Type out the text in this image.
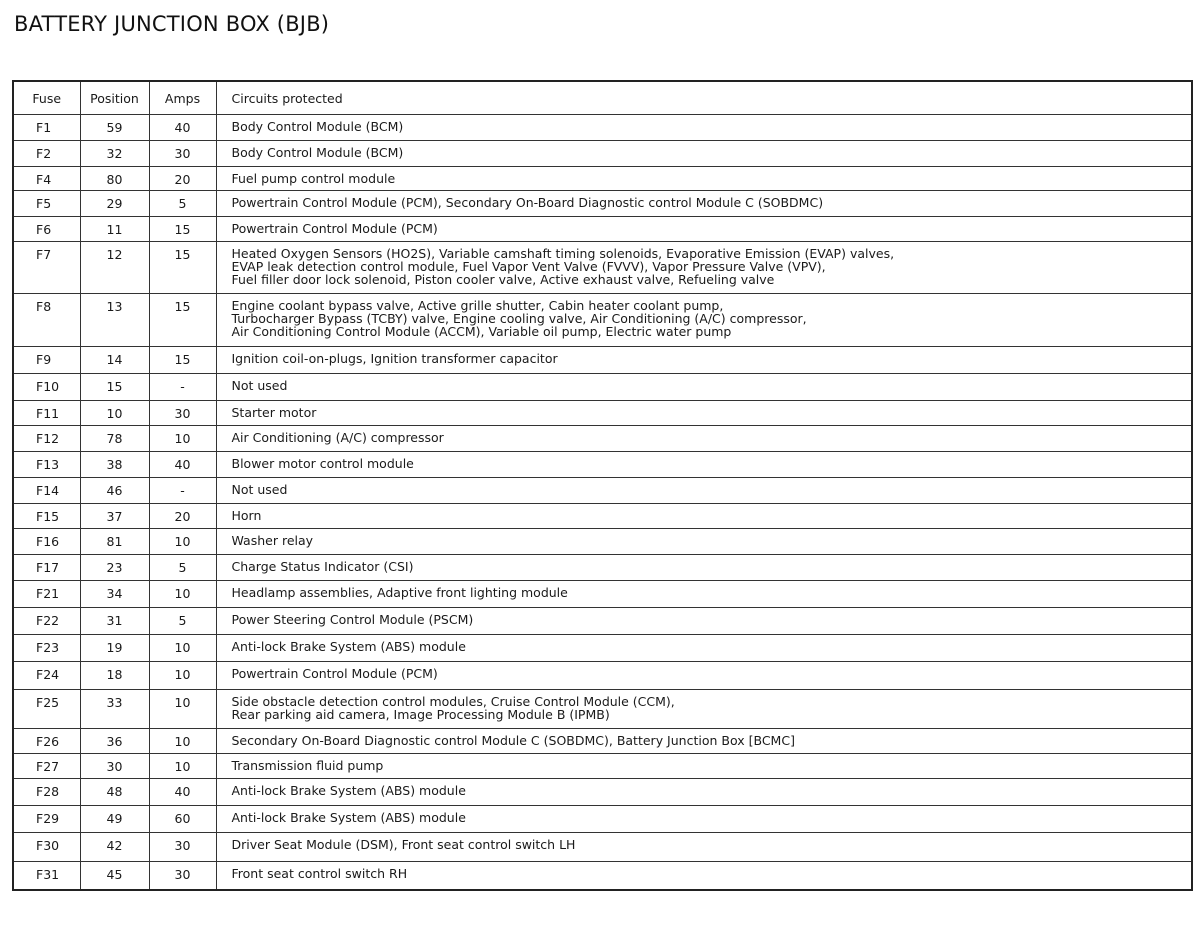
BATTERY JUNCTION BOX (BJB)
Fuse	Position	Amps	Circuits protected
F1	59	40	Body Control Module (BCM)

F2	32	30	Body Control Module (BCM)

F4	80	20	Fuel pump control module

F5	29	5	Powertrain Control Module (PCM), Secondary On-Board Diagnostic control Module C (SOBDMC)

F6	11	15	Powertrain Control Module (PCM)

F7	12	15	Heated Oxygen Sensors (HO2S), Variable camshaft timing solenoids, Evaporative Emission (EVAP) valves,
EVAP leak detection control module, Fuel Vapor Vent Valve (FVVV), Vapor Pressure Valve (VPV),
Fuel filler door lock solenoid, Piston cooler valve, Active exhaust valve, Refueling valve

F8	13	15	Engine coolant bypass valve, Active grille shutter, Cabin heater coolant pump,
Turbocharger Bypass (TCBY) valve, Engine cooling valve, Air Conditioning (A/C) compressor,
Air Conditioning Control Module (ACCM), Variable oil pump, Electric water pump

F9	14	15	Ignition coil-on-plugs, Ignition transformer capacitor

F10	15	-	Not used

F11	10	30	Starter motor

F12	78	10	Air Conditioning (A/C) compressor

F13	38	40	Blower motor control module

F14	46	-	Not used

F15	37	20	Horn

F16	81	10	Washer relay

F17	23	5	Charge Status Indicator (CSI)

F21	34	10	Headlamp assemblies, Adaptive front lighting module

F22	31	5	Power Steering Control Module (PSCM)

F23	19	10	Anti-lock Brake System (ABS) module

F24	18	10	Powertrain Control Module (PCM)

F25	33	10	Side obstacle detection control modules, Cruise Control Module (CCM),
Rear parking aid camera, Image Processing Module B (IPMB)

F26	36	10	Secondary On-Board Diagnostic control Module C (SOBDMC), Battery Junction Box [BCMC]

F27	30	10	Transmission fluid pump

F28	48	40	Anti-lock Brake System (ABS) module

F29	49	60	Anti-lock Brake System (ABS) module

F30	42	30	Driver Seat Module (DSM), Front seat control switch LH

F31	45	30	Front seat control switch RH
